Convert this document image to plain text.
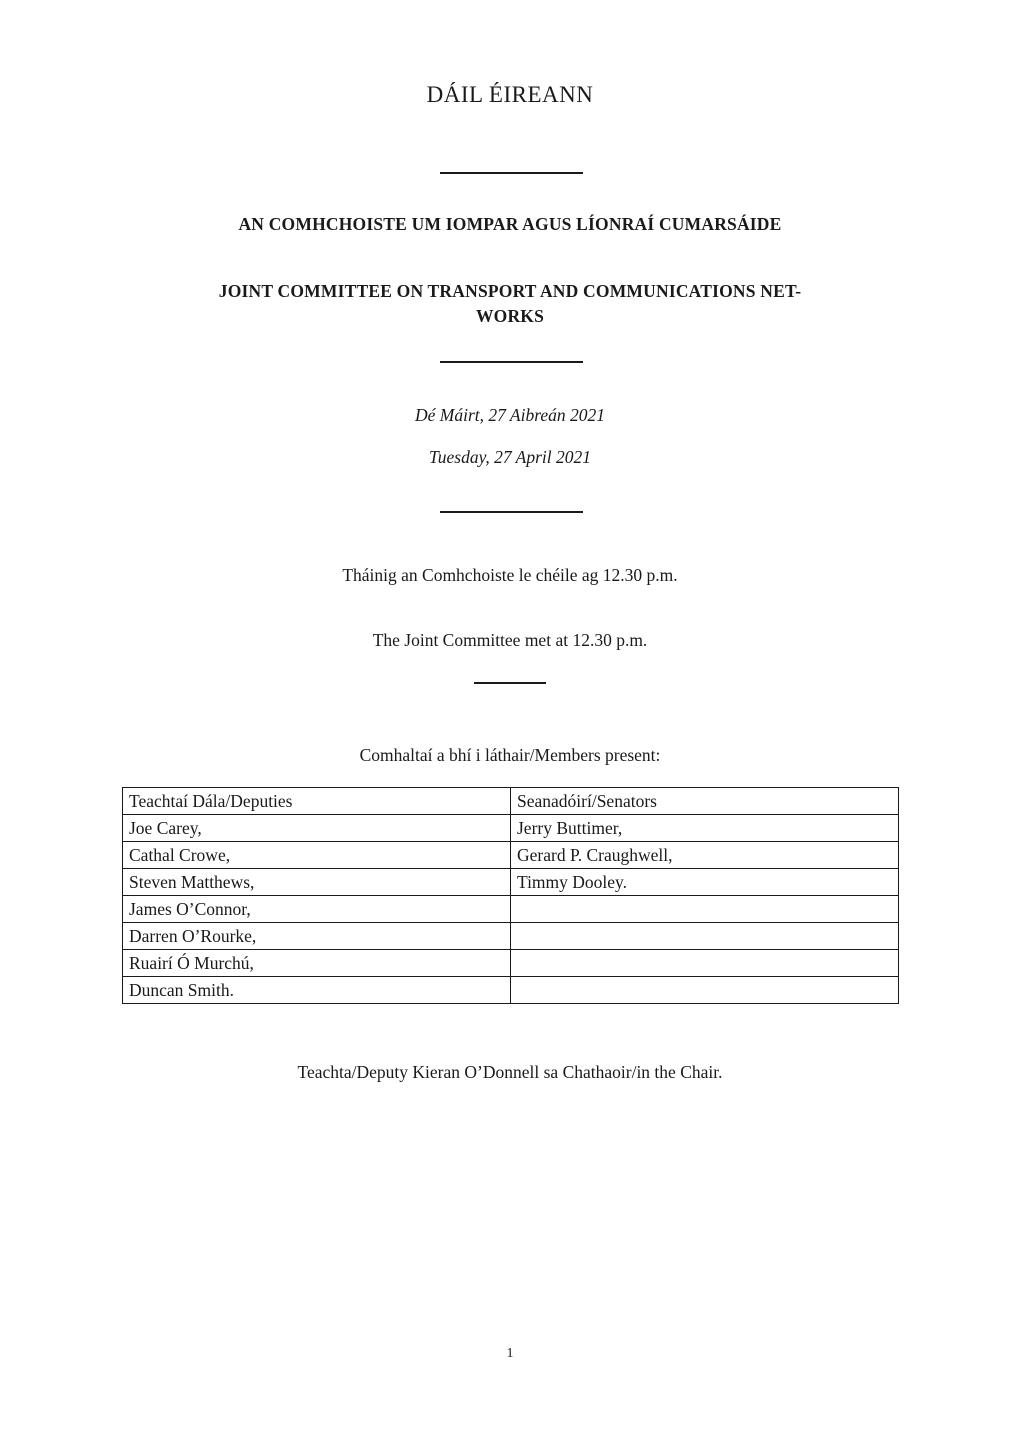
DÁIL ÉIREANN
AN COMHCHOISTE UM IOMPAR AGUS LÍONRAÍ CUMARSÁIDE
JOINT COMMITTEE ON TRANSPORT AND COMMUNICATIONS NET-
WORKS
Dé Máirt, 27 Aibreán 2021
Tuesday, 27 April 2021
Tháinig an Comhchoiste le chéile ag 12.30 p.m.
The Joint Committee met at 12.30 p.m.
Comhaltaí a bhí i láthair/Members present:
Teachtaí Dála/Deputies	Seanadóirí/Senators
Joe Carey,	Jerry Buttimer,
Cathal Crowe,	Gerard P. Craughwell,
Steven Matthews,	Timmy Dooley.
James O’Connor,	
Darren O’Rourke,	
Ruairí Ó Murchú,	
Duncan Smith.	
Teachta/Deputy Kieran O’Donnell sa Chathaoir/in the Chair.
1
